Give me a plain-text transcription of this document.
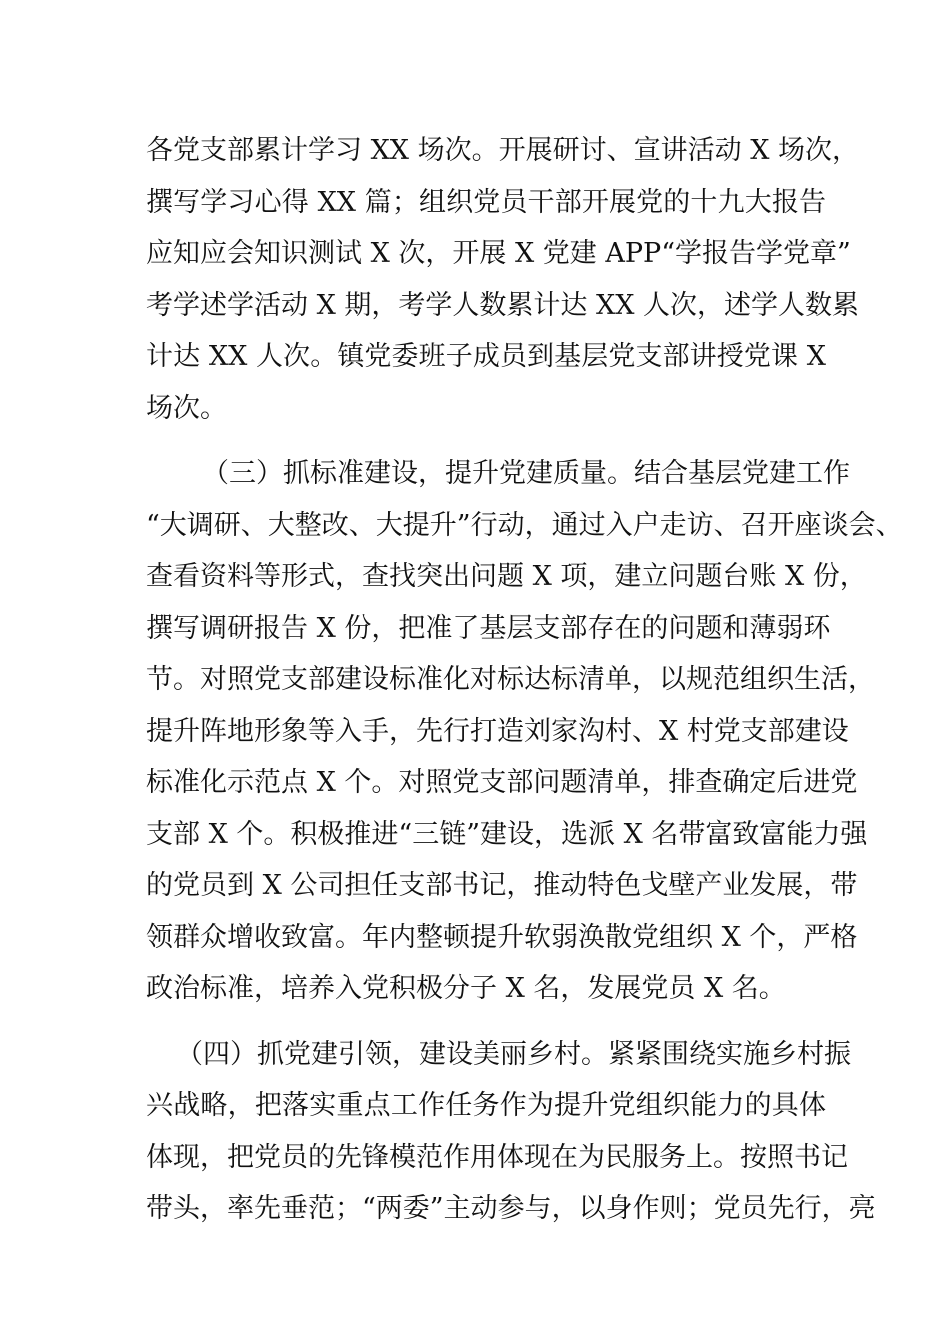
各党支部累计学习 XX 场次。开展研讨、宣讲活动 X 场次，
撰写学习心得 XX 篇；组织党员干部开展党的十九大报告
应知应会知识测试 X 次，开展 X 党建 APP“学报告学党章”
考学述学活动 X 期，考学人数累计达 XX 人次，述学人数累
计达 XX 人次。镇党委班子成员到基层党支部讲授党课 X
场次。
（三）抓标准建设，提升党建质量。结合基层党建工作
“大调研、大整改、大提升”行动，通过入户走访、召开座谈会、
查看资料等形式，查找突出问题 X 项，建立问题台账 X 份，
撰写调研报告 X 份，把准了基层支部存在的问题和薄弱环
节。对照党支部建设标准化对标达标清单，以规范组织生活，
提升阵地形象等入手，先行打造刘家沟村、X 村党支部建设
标准化示范点 X 个。对照党支部问题清单，排查确定后进党
支部 X 个。积极推进“三链”建设，选派 X 名带富致富能力强
的党员到 X 公司担任支部书记，推动特色戈壁产业发展，带
领群众增收致富。年内整顿提升软弱涣散党组织 X 个，严格
政治标准，培养入党积极分子 X 名，发展党员 X 名。
（四）抓党建引领，建设美丽乡村。紧紧围绕实施乡村振
兴战略，把落实重点工作任务作为提升党组织能力的具体
体现，把党员的先锋模范作用体现在为民服务上。按照书记
带头，率先垂范；“两委”主动参与，以身作则；党员先行，亮
